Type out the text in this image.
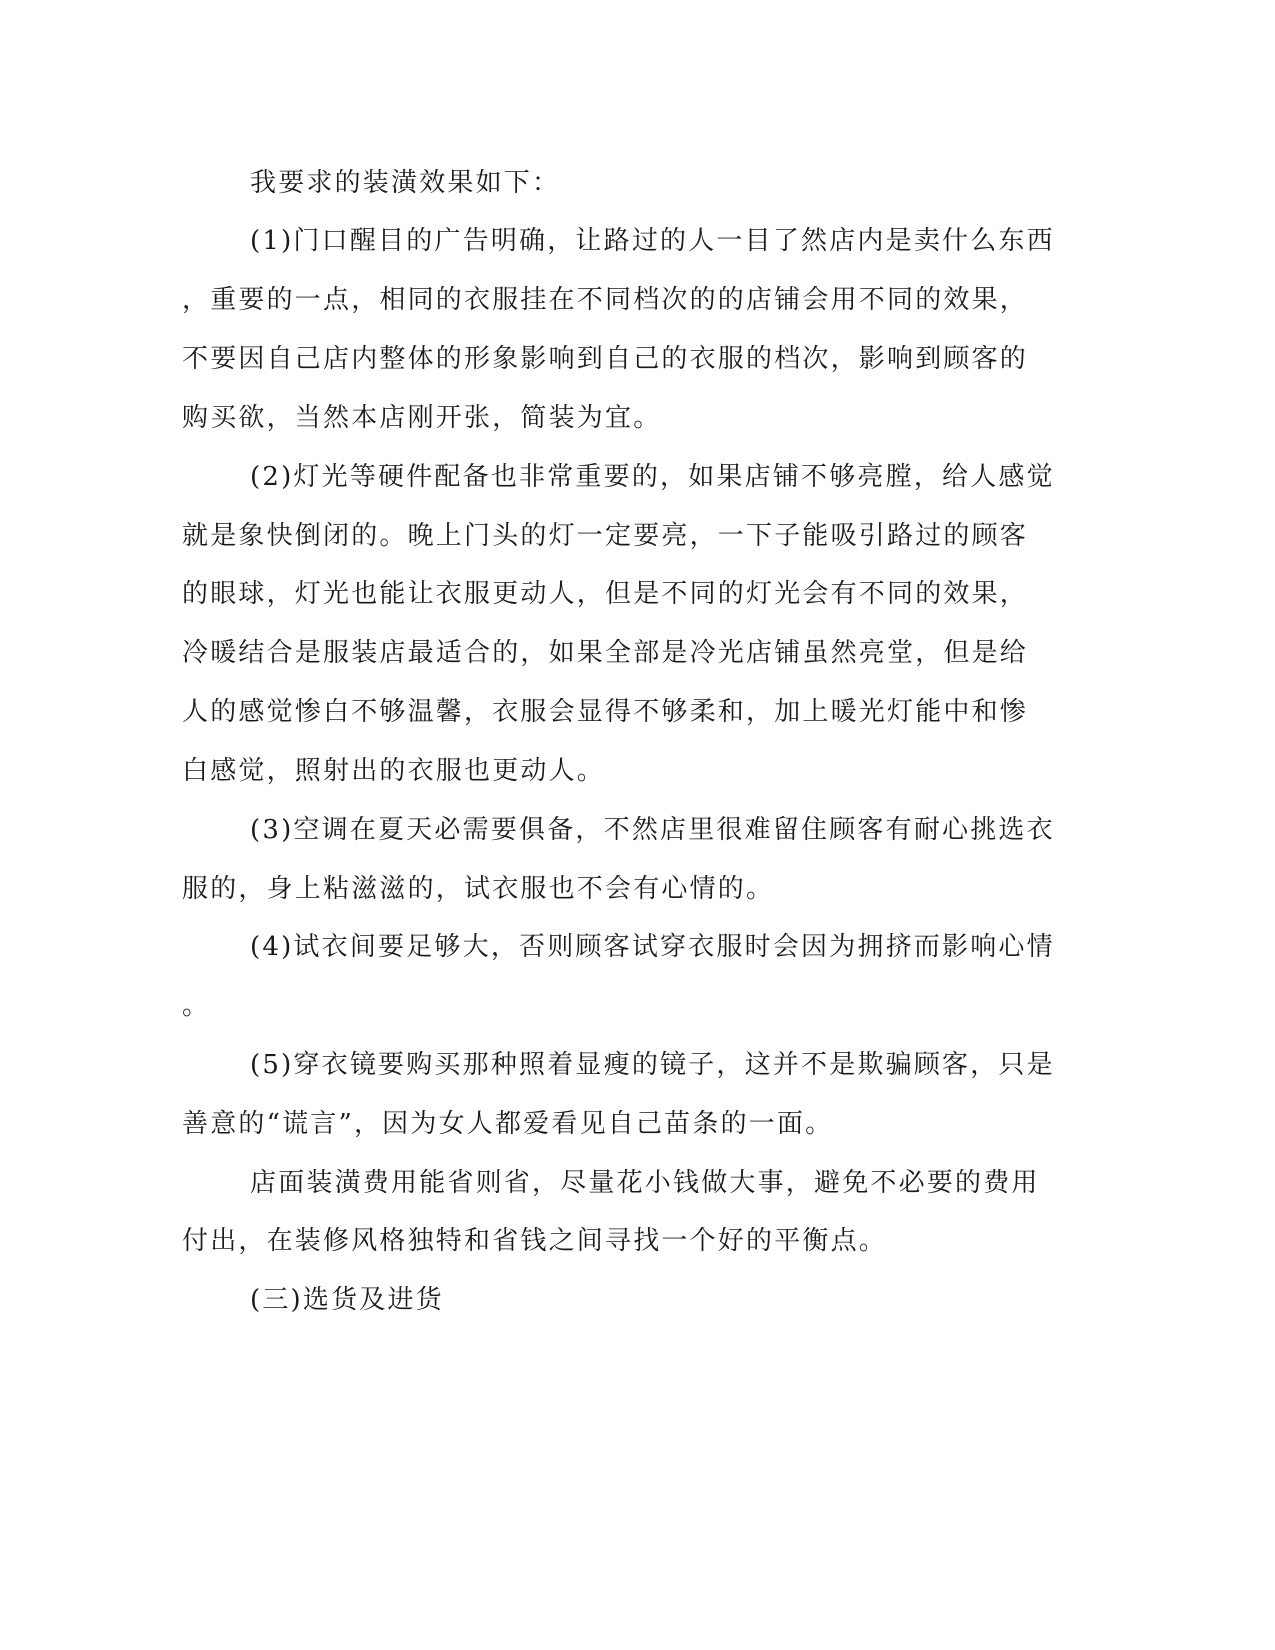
我要求的装潢效果如下：
(1)门口醒目的广告明确，让路过的人一目了然店内是卖什么东西
，重要的一点，相同的衣服挂在不同档次的的店铺会用不同的效果，
不要因自己店内整体的形象影响到自己的衣服的档次，影响到顾客的
购买欲，当然本店刚开张，简装为宜。
(2)灯光等硬件配备也非常重要的，如果店铺不够亮膛，给人感觉
就是象快倒闭的。晚上门头的灯一定要亮，一下子能吸引路过的顾客
的眼球，灯光也能让衣服更动人，但是不同的灯光会有不同的效果，
冷暖结合是服装店最适合的，如果全部是冷光店铺虽然亮堂，但是给
人的感觉惨白不够温馨，衣服会显得不够柔和，加上暖光灯能中和惨
白感觉，照射出的衣服也更动人。
(3)空调在夏天必需要俱备，不然店里很难留住顾客有耐心挑选衣
服的，身上粘滋滋的，试衣服也不会有心情的。
(4)试衣间要足够大，否则顾客试穿衣服时会因为拥挤而影响心情
。
(5)穿衣镜要购买那种照着显瘦的镜子，这并不是欺骗顾客，只是
善意的“谎言”，因为女人都爱看见自己苗条的一面。
店面装潢费用能省则省，尽量花小钱做大事，避免不必要的费用
付出，在装修风格独特和省钱之间寻找一个好的平衡点。
(三)选货及进货
